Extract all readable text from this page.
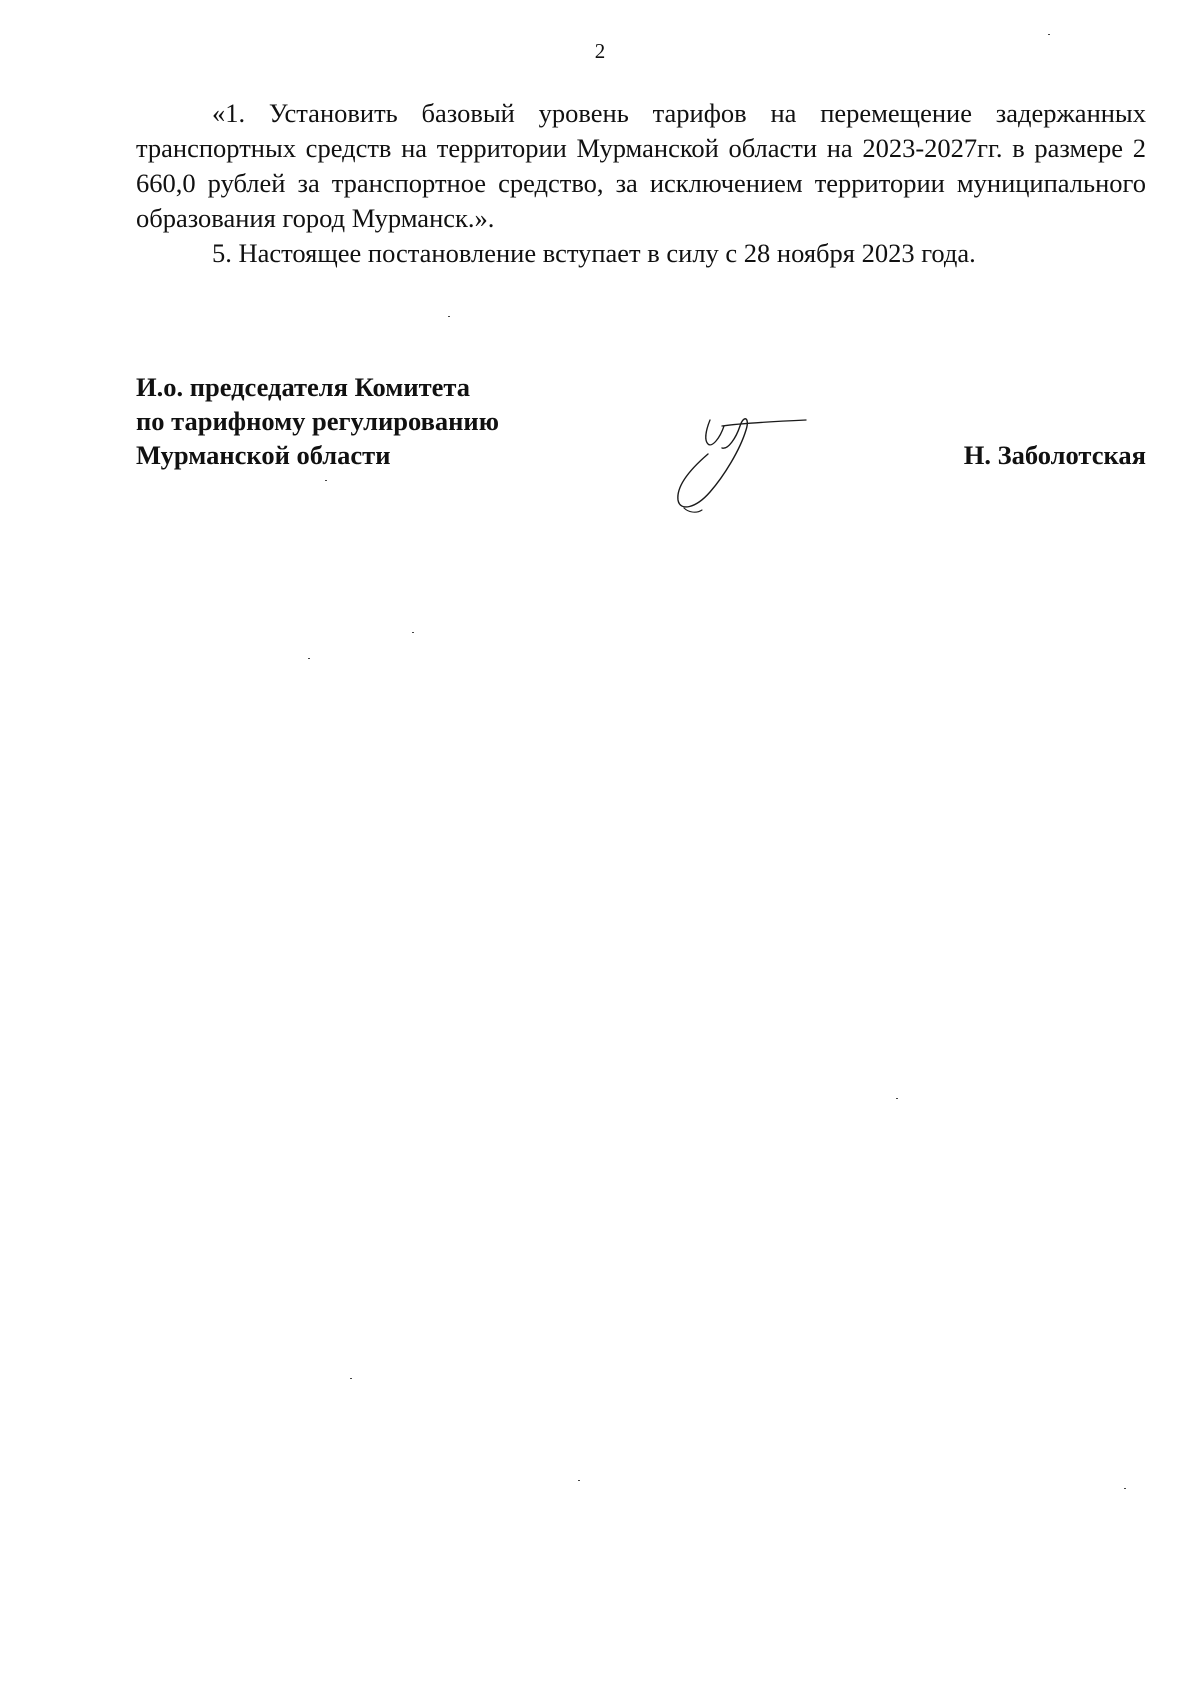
2

«1. Установить базовый уровень тарифов на перемещение задержанных транспортных средств на территории Мурманской области на 2023-2027гг. в размере 2 660,0 рублей за транспортное средство, за исключением территории муниципального образования город Мурманск.».

5. Настоящее постановление вступает в силу с 28 ноября 2023 года.

И.о. председателя Комитета
по тарифному регулированию
Мурманской области	Н. Заболотская
